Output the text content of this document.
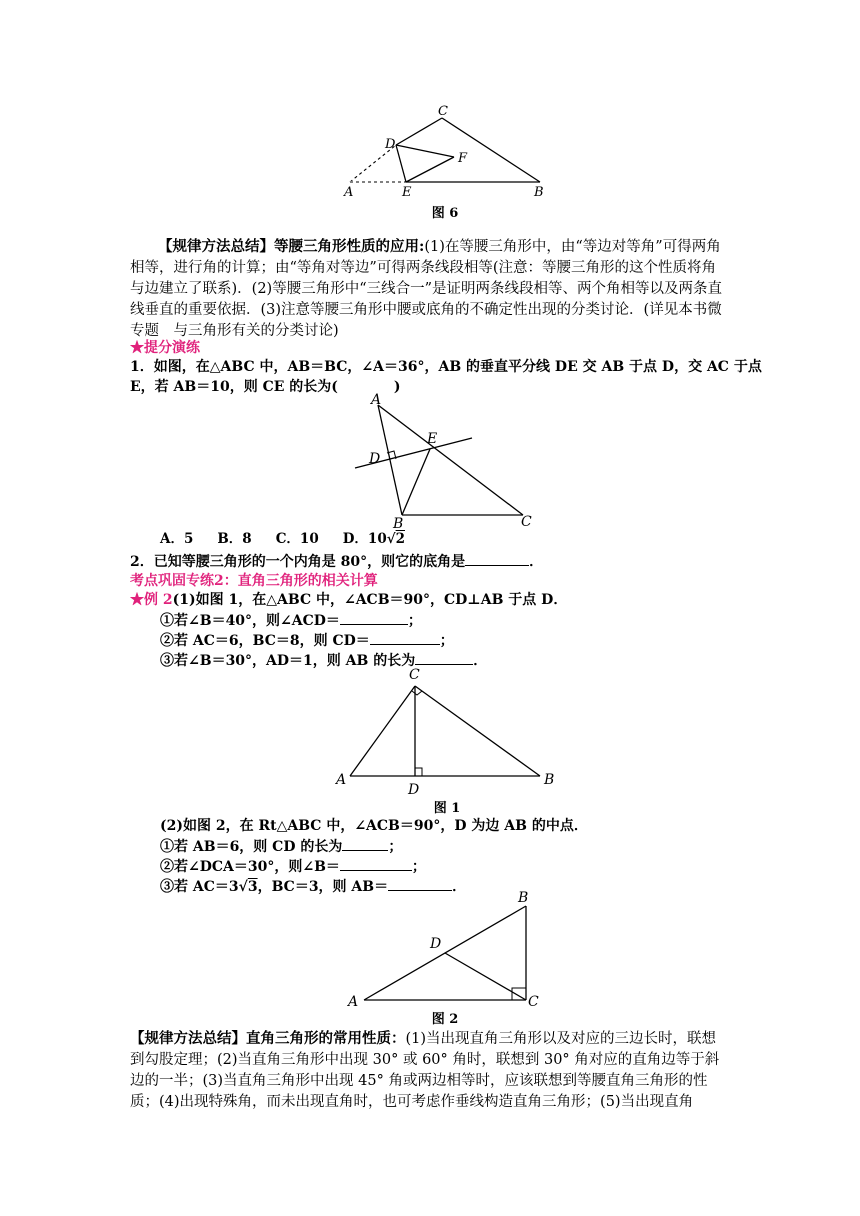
C
D
F
A	E	B
图 6
【规律方法总结】等腰三角形性质的应用:(1)在等腰三角形中，由“等边对等角”可得两角相等，进行角的计算；由“等角对等边”可得两条线段相等(注意：等腰三角形的这个性质将角与边建立了联系)．(2)等腰三角形中“三线合一”是证明两条线段相等、两个角相等以及两条直线垂直的重要依据．(3)注意等腰三角形中腰或底角的不确定性出现的分类讨论．(详见本书微专题　与三角形有关的分类讨论)
★提分演练
1．如图，在△ABC 中，AB＝BC，∠A＝36°，AB 的垂直平分线 DE 交 AB 于点 D，交 AC 于点
E，若 AB＝10，则 CE 的长为(　　　　)
A
D
E
B	C
A．5 B．8 C．10 D．10√2
2．已知等腰三角形的一个内角是 80°，则它的底角是	．
考点巩固专练2：直角三角形的相关计算
★例 2(1)如图 1，在△ABC 中，∠ACB＝90°，CD⊥AB 于点 D．
①若∠B＝40°，则∠ACD＝	；
②若 AC＝6，BC＝8，则 CD＝	；
③若∠B＝30°，AD＝1，则 AB 的长为	．
C
A
D
B
图 1
(2)如图 2，在 Rt△ABC 中，∠ACB＝90°，D 为边 AB 的中点．
①若 AB＝6，则 CD 的长为	；
②若∠DCA＝30°，则∠B＝	；
③若 AC＝3√3，BC＝3，则 AB＝	．
B
D
A	C
图 2
【规律方法总结】直角三角形的常用性质：(1)当出现直角三角形以及对应的三边长时，联想到勾股定理；(2)当直角三角形中出现 30° 或 60° 角时，联想到 30° 角对应的直角边等于斜边的一半；(3)当直角三角形中出现 45° 角或两边相等时，应该联想到等腰直角三角形的性质；(4)出现特殊角，而未出现直角时，也可考虑作垂线构造直角三角形；(5)当出现直角
